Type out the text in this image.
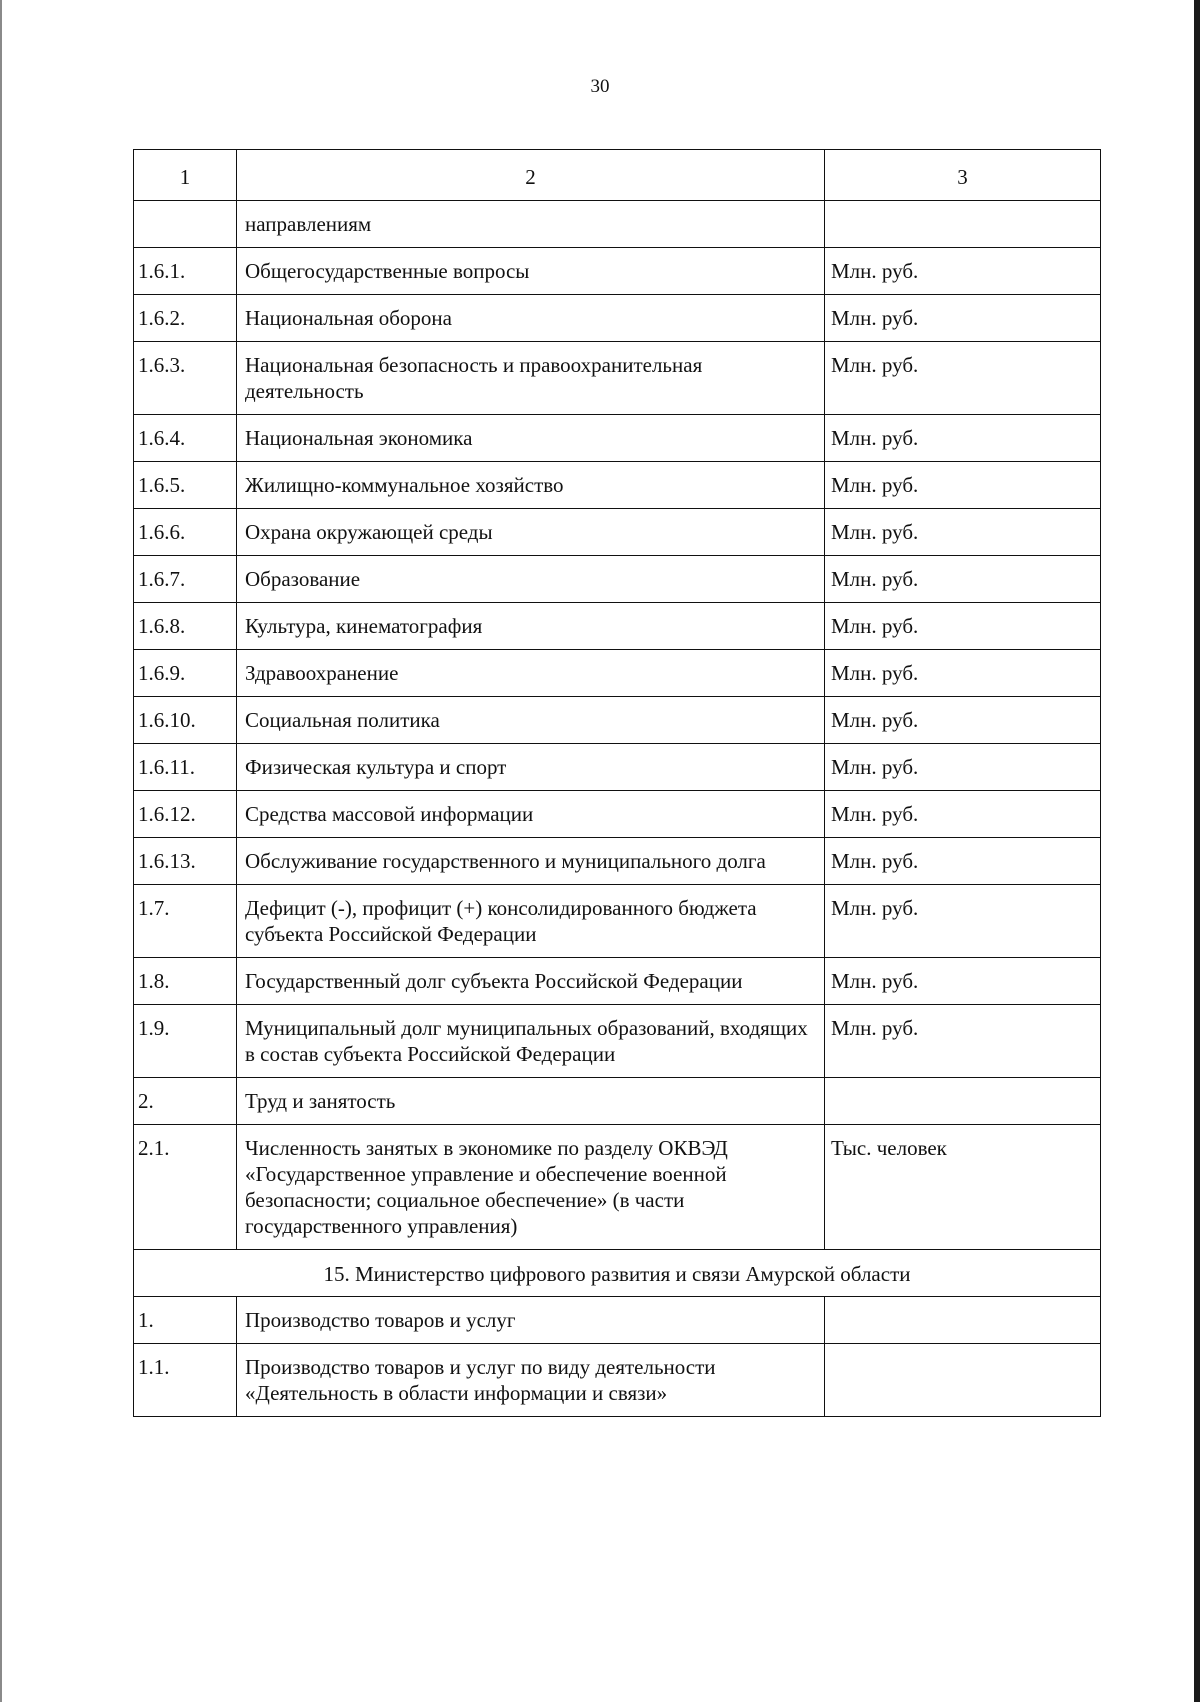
30
1	2	3
	направлениям	
1.6.1.	Общегосударственные вопросы	Млн. руб.
1.6.2.	Национальная оборона	Млн. руб.
1.6.3.	Национальная безопасность и правоохранительная деятельность	Млн. руб.
1.6.4.	Национальная экономика	Млн. руб.
1.6.5.	Жилищно-коммунальное хозяйство	Млн. руб.
1.6.6.	Охрана окружающей среды	Млн. руб.
1.6.7.	Образование	Млн. руб.
1.6.8.	Культура, кинематография	Млн. руб.
1.6.9.	Здравоохранение	Млн. руб.
1.6.10.	Социальная политика	Млн. руб.
1.6.11.	Физическая культура и спорт	Млн. руб.
1.6.12.	Средства массовой информации	Млн. руб.
1.6.13.	Обслуживание государственного и муниципального долга	Млн. руб.
1.7.	Дефицит (-), профицит (+) консолидированного бюджета субъекта Российской Федерации	Млн. руб.
1.8.	Государственный долг субъекта Российской Федерации	Млн. руб.
1.9.	Муниципальный долг муниципальных образований, входящих в состав субъекта Российской Федерации	Млн. руб.
2.	Труд и занятость	
2.1.	Численность занятых в экономике по разделу ОКВЭД «Государственное управление и обеспечение военной безопасности; социальное обеспечение» (в части государственного управления)	Тыс. человек
15. Министерство цифрового развития и связи Амурской области		
1.	Производство товаров и услуг	
1.1.	Производство товаров и услуг по виду деятельности «Деятельность в области информации и связи»	
